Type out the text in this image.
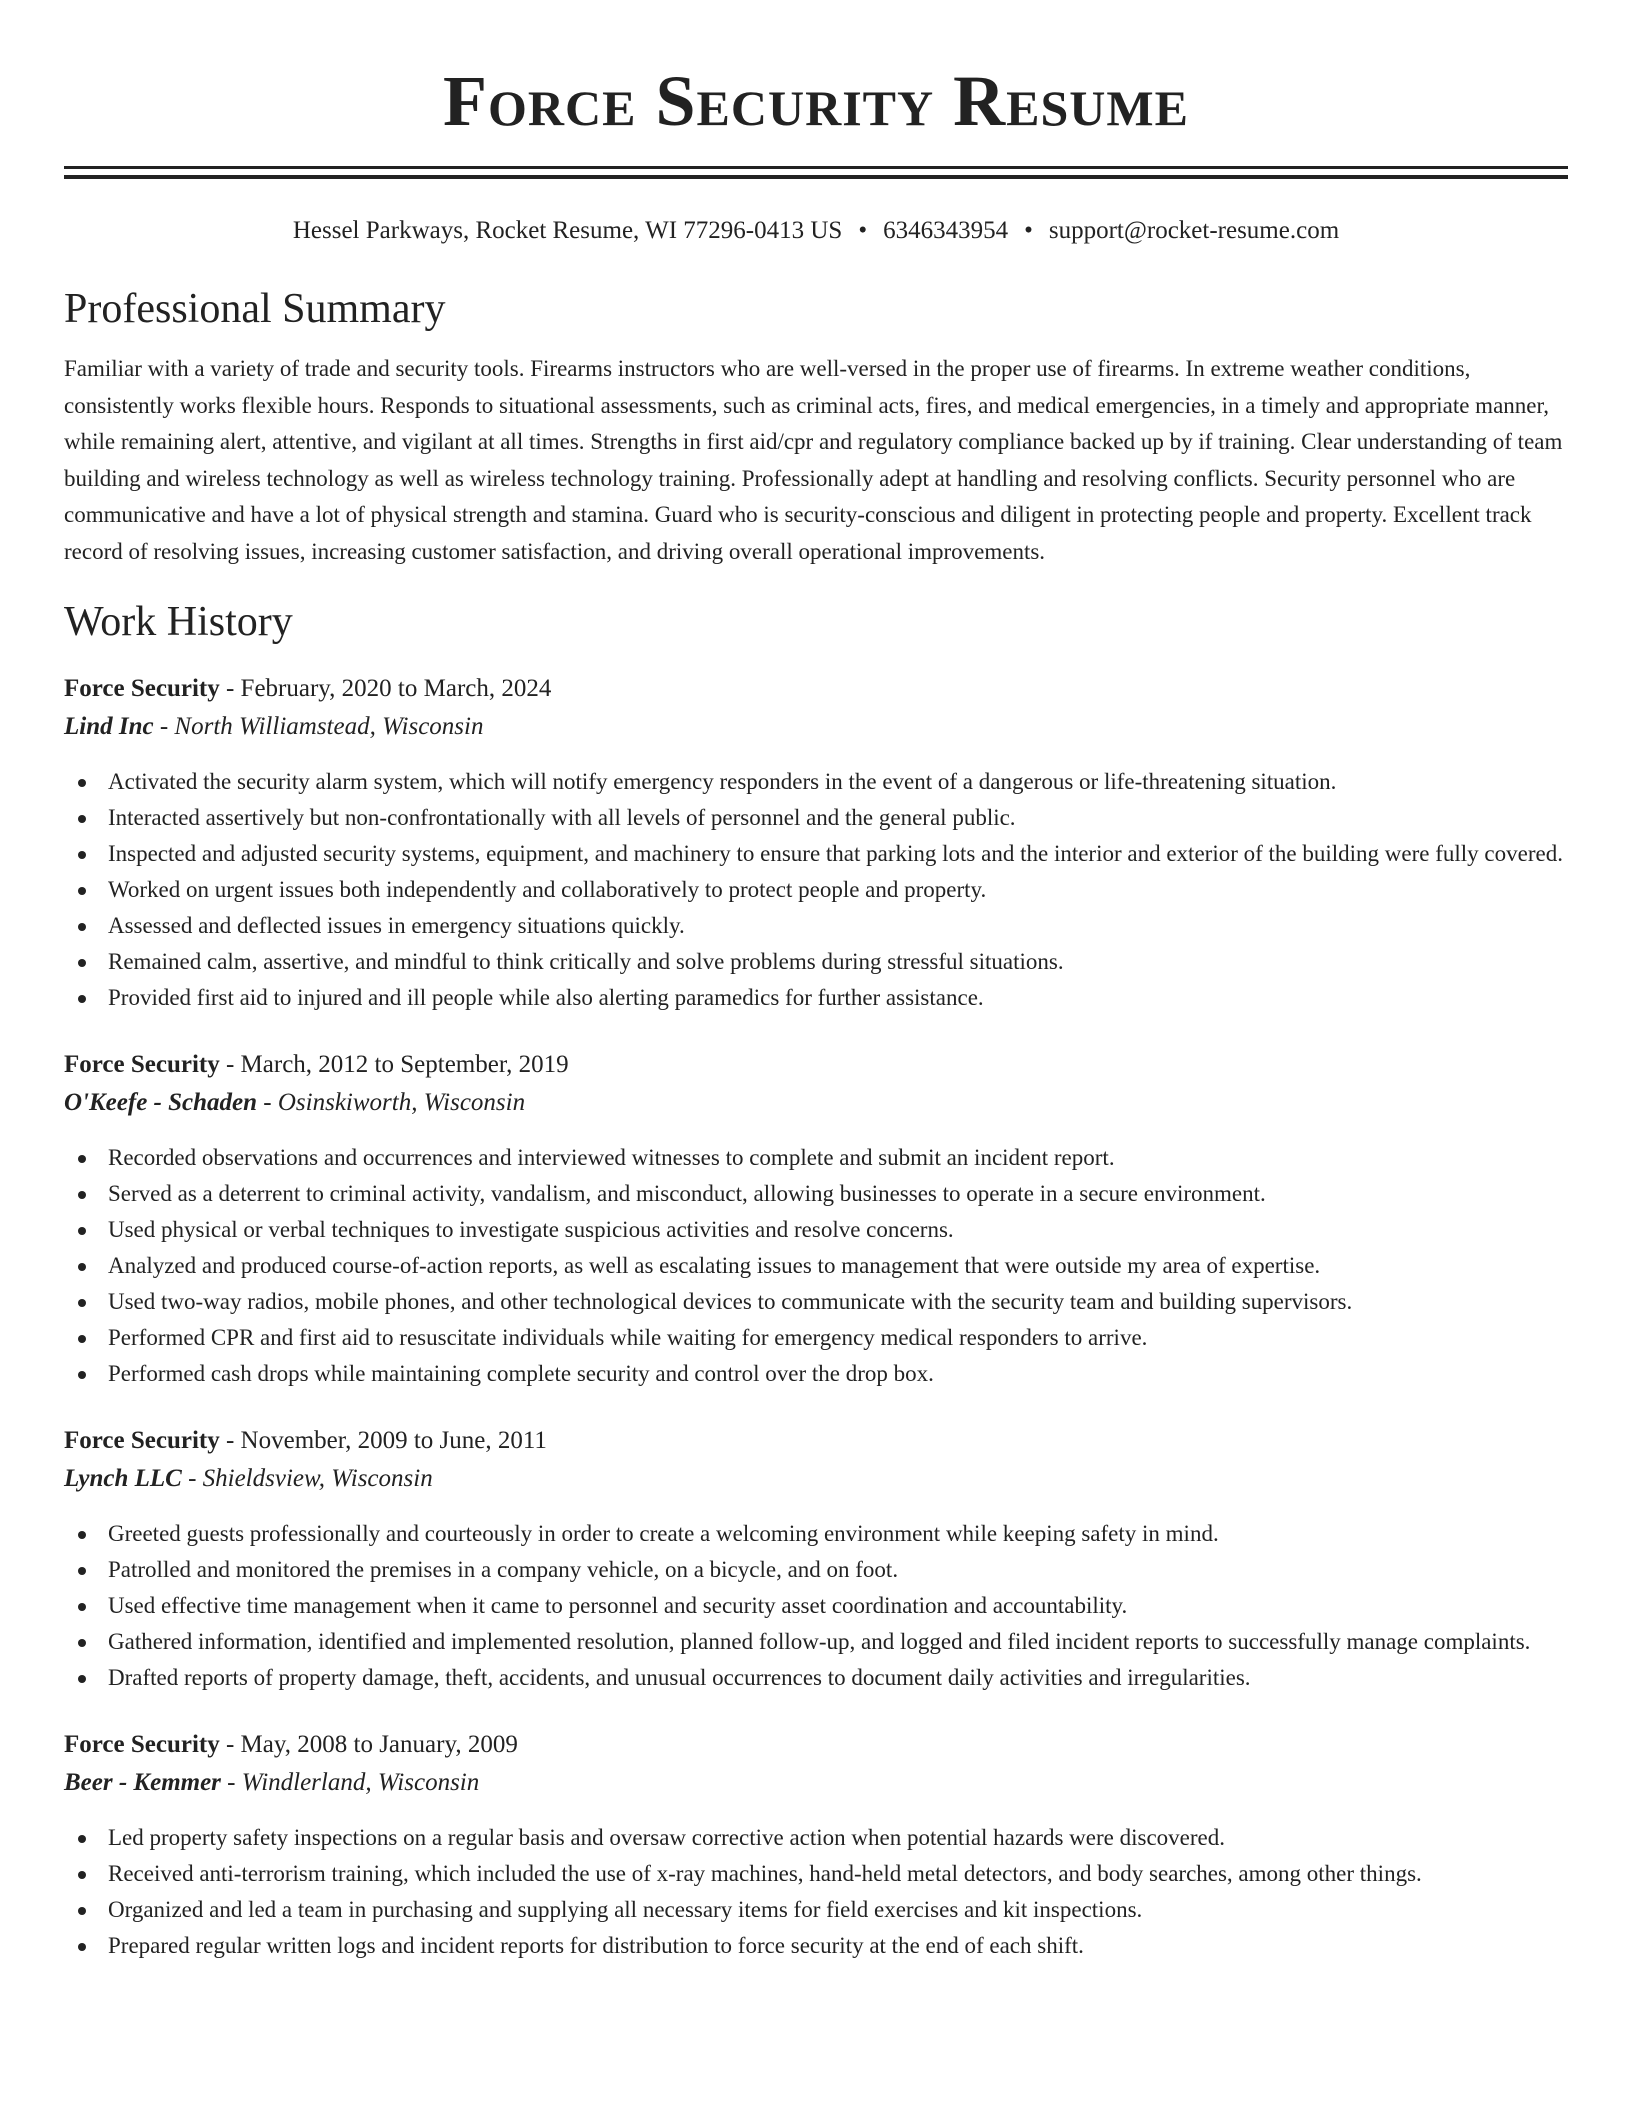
Force Security Resume
Hessel Parkways, Rocket Resume, WI 77296-0413 US • 6346343954 • support@rocket-resume.com
Professional Summary

Familiar with a variety of trade and security tools. Firearms instructors who are well-versed in the proper use of firearms. In extreme weather conditions, consistently works flexible hours. Responds to situational assessments, such as criminal acts, fires, and medical emergencies, in a timely and appropriate manner, while remaining alert, attentive, and vigilant at all times. Strengths in first aid/cpr and regulatory compliance backed up by if training. Clear understanding of team building and wireless technology as well as wireless technology training. Professionally adept at handling and resolving conflicts. Security personnel who are communicative and have a lot of physical strength and stamina. Guard who is security-conscious and diligent in protecting people and property. Excellent track record of resolving issues, increasing customer satisfaction, and driving overall operational improvements.

Work History
Force Security - February, 2020 to March, 2024
Lind Inc - North Williamstead, Wisconsin
Activated the security alarm system, which will notify emergency responders in the event of a dangerous or life-threatening situation.
Interacted assertively but non-confrontationally with all levels of personnel and the general public.
Inspected and adjusted security systems, equipment, and machinery to ensure that parking lots and the interior and exterior of the building were fully covered.
Worked on urgent issues both independently and collaboratively to protect people and property.
Assessed and deflected issues in emergency situations quickly.
Remained calm, assertive, and mindful to think critically and solve problems during stressful situations.
Provided first aid to injured and ill people while also alerting paramedics for further assistance.
Force Security - March, 2012 to September, 2019
O'Keefe - Schaden - Osinskiworth, Wisconsin
Recorded observations and occurrences and interviewed witnesses to complete and submit an incident report.
Served as a deterrent to criminal activity, vandalism, and misconduct, allowing businesses to operate in a secure environment.
Used physical or verbal techniques to investigate suspicious activities and resolve concerns.
Analyzed and produced course-of-action reports, as well as escalating issues to management that were outside my area of expertise.
Used two-way radios, mobile phones, and other technological devices to communicate with the security team and building supervisors.
Performed CPR and first aid to resuscitate individuals while waiting for emergency medical responders to arrive.
Performed cash drops while maintaining complete security and control over the drop box.
Force Security - November, 2009 to June, 2011
Lynch LLC - Shieldsview, Wisconsin
Greeted guests professionally and courteously in order to create a welcoming environment while keeping safety in mind.
Patrolled and monitored the premises in a company vehicle, on a bicycle, and on foot.
Used effective time management when it came to personnel and security asset coordination and accountability.
Gathered information, identified and implemented resolution, planned follow-up, and logged and filed incident reports to successfully manage complaints.
Drafted reports of property damage, theft, accidents, and unusual occurrences to document daily activities and irregularities.
Force Security - May, 2008 to January, 2009
Beer - Kemmer - Windlerland, Wisconsin
Led property safety inspections on a regular basis and oversaw corrective action when potential hazards were discovered.
Received anti-terrorism training, which included the use of x-ray machines, hand-held metal detectors, and body searches, among other things.
Organized and led a team in purchasing and supplying all necessary items for field exercises and kit inspections.
Prepared regular written logs and incident reports for distribution to force security at the end of each shift.
